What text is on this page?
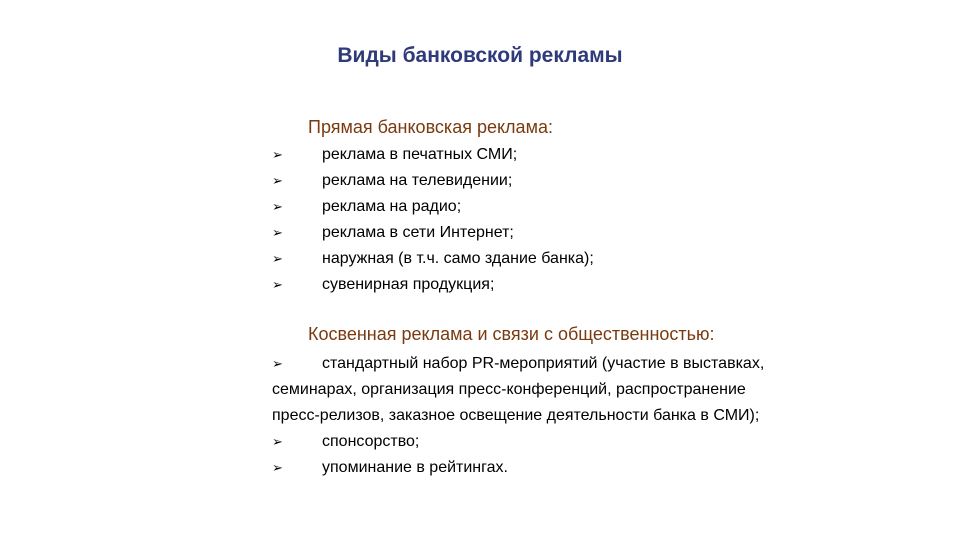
Виды банковской рекламы
Прямая банковская реклама:
➢ реклама в печатных СМИ;
➢ реклама на телевидении;
➢ реклама на радио;
➢ реклама в сети Интернет;
➢ наружная (в т.ч. само здание банка);
➢ сувенирная продукция;
Косвенная реклама и связи с общественностью:
➢ стандартный набор PR-мероприятий (участие в выставках, семинарах, организация пресс-конференций, распространение пресс-релизов, заказное освещение деятельности банка в СМИ);
➢ спонсорство;
➢ упоминание в рейтингах.
